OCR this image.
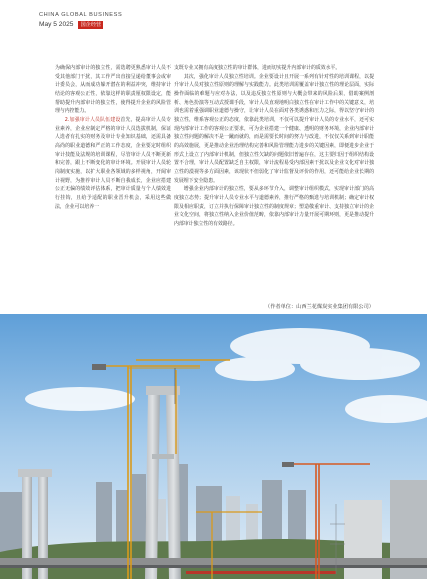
CHINA GLOBAL BUSINESS
May 5 2025	国企经营

为确保内部审计的独立性，需选聘更熟悉审计人员不受其他部门干扰，其工作严出直接呈递给董事会或审计委员会，从而成功躲开潜在的利益冲突，维持审计结论的客观公正性，依靠这样的职责厘权限设定，能帮助提升内部审计的独立性，使得提升企业的风险管理与内控能力。

2.加强审计人员队伍建设首先，提高审计人员专业素养，企业应制定严格的审计人员选拔机制，保证人选者有扎实的财务及审计专业知识基础，还需具备高尚的职业道德和严正的工作态度，企业要定时组织审计技能及法规的培训课程，尽管审计人员不断更新和完善，跟上不断变化的审计环境。开展审计人员轮岗制度实施，以扩大职业各领域的多样视角，开阔审计视野，为推荐审计人员不断自我成长，企业应搭建公正无偏的绩效评估体系，把审计质量与个人绩效进行挂钩，且给予适配的职业晋升机会，采用这些做法，企业可以培养一

支既专业又拥有高度独立性的审计群体，进而切实提升内部审计的质效水平。

其次，强化审计人员独立性培训。企业要设计且开展一系列有针对性的培训课程，以提升审计人员对独立性原则的理解与实践能力。此类培训需覆盖审计独立性的理论层面，实际操作面临的难题与应对办法，以及违反独立性原则与大概会带来的风险后果，借助案例剖析、角色扮演等互动式授课手段，审计人员直观地明白独立性在审计工作中的关键意义，培训也需着重强调职业道德与操守，让审计人员在面对各类诱惑和压力之际，得以坚守审计的独立性，维系客观公正的态度，依靠此类培训，不仅可以提升审计人员的专业水平，还可实现内部审计工作的客观公正要求，可为企业搭建一个健康、透明的财务环境，企业内部审计独立性问题的解决不是一蹴而就的，而是需要长时间的努力与改进，不仅仅关系到审计职能的高效施展，更是推动企业治理结构完善和风险管理能力进步的关键因素，即便进步企业于形式上设立了内部审计机制，但独立性欠缺的问题依旧普遍存在，这主要归因于组织结构设置不合理，审计人员配置缺乏自主权限，审计流程易受内部因素干扰以及企业文化对审计独立性的漠视等多方面因素，该现状不但弱化了审计监督及评价的作用，还可能给企业长期的发展埋下安全隐患。

增强企业内部审计的独立性，要从多环节介入，调整审计组织模式，实现审计部门的高度独立态势；提升审计人员专业水平与道德素养，推行严格的甄选与培训机制；确定审计权限及相应职责，订立并执行保障审计独立性的制度规章；塑造敬重审计、支持独立审计的企业文化空间，将独立性纳入企业价值范畴，依靠内部审计力量开展可期环则，更是推动提升内部审计独立性的有效路径。

（作者单位：山西兰花煤炭实业集团有限公司）
